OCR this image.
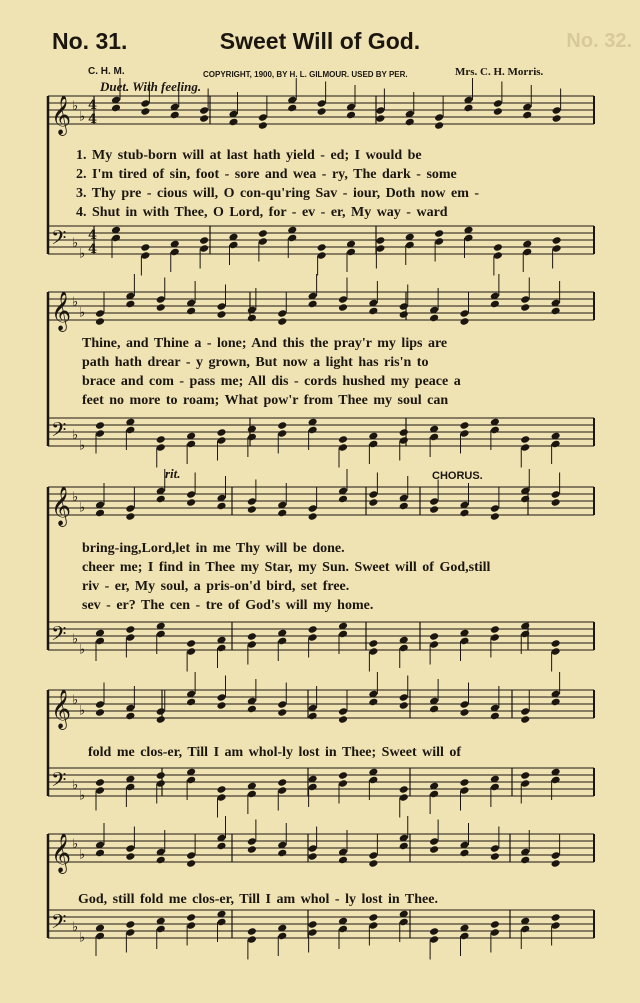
𝄞 ♭
♭
𝄢 ♭
♭
4
4
4
4
𝄞 ♭
♭
𝄢 ♭
♭
𝄞 ♭
♭
𝄢 ♭
♭
𝄞 ♭
♭
𝄢 ♭
♭
𝄞 ♭
♭
𝄢 ♭
♭
No. 31.	Sweet Will of God.	No. 32.
C. H. M.	COPYRIGHT, 1900, BY H. L. GILMOUR. USED BY PER.	Mrs. C. H. Morris.
Duet. With feeling.
1. My stub-born will at last hath yield - ed; I would be
2. I'm tired of sin, foot - sore and wea - ry, The dark - some
3. Thy pre - cious will, O con-qu'ring Sav - iour, Doth now em -
4. Shut in with Thee, O Lord, for - ev - er, My way - ward
Thine, and Thine a - lone; And this the pray'r my lips are
path hath drear - y grown, But now a light has ris'n to
brace and com - pass me; All dis - cords hushed my peace a
feet no more to roam; What pow'r from Thee my soul can
rit.	CHORUS.
bring-ing,Lord,let in me Thy will be done.
cheer me; I find in Thee my Star, my Sun. Sweet will of God,still
riv - er, My soul, a pris-on'd bird, set free.
sev - er? The cen - tre of God's will my home.
fold me clos-er, Till I am whol-ly lost in Thee; Sweet will of
God, still fold me clos-er, Till I am whol - ly lost in Thee.
